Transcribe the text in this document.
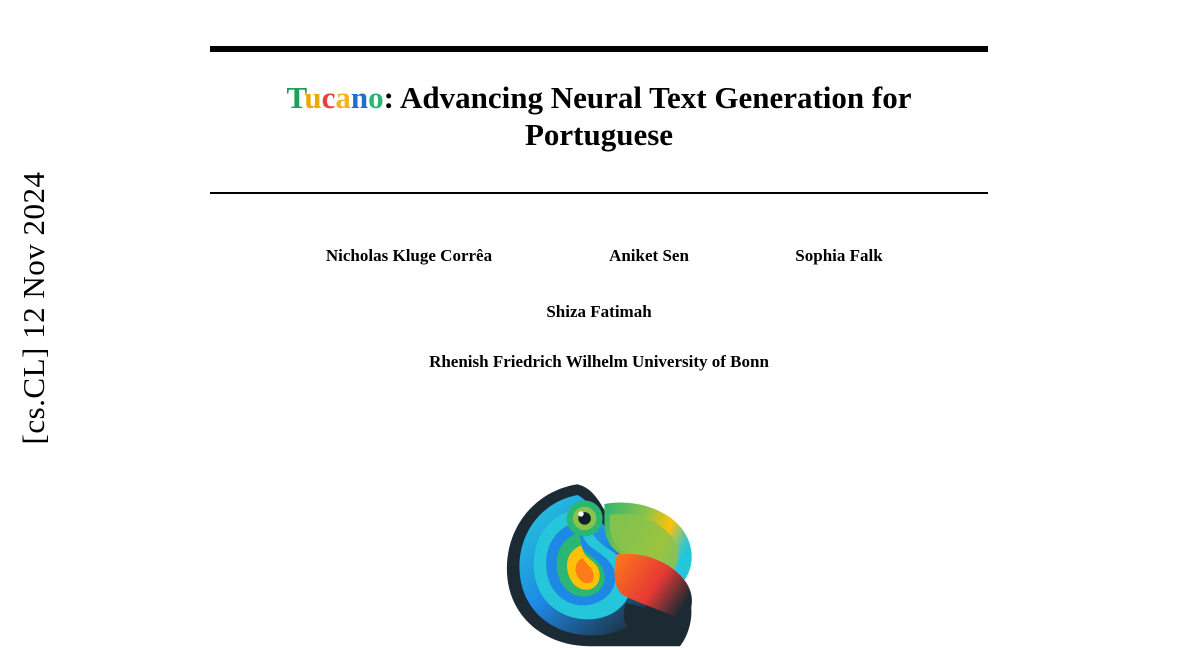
[cs.CL] 12 Nov 2024
Tucano: Advancing Neural Text Generation for
Portuguese
Nicholas Kluge Corrêa	Aniket Sen	Sophia Falk
Shiza Fatimah
Rhenish Friedrich Wilhelm University of Bonn
